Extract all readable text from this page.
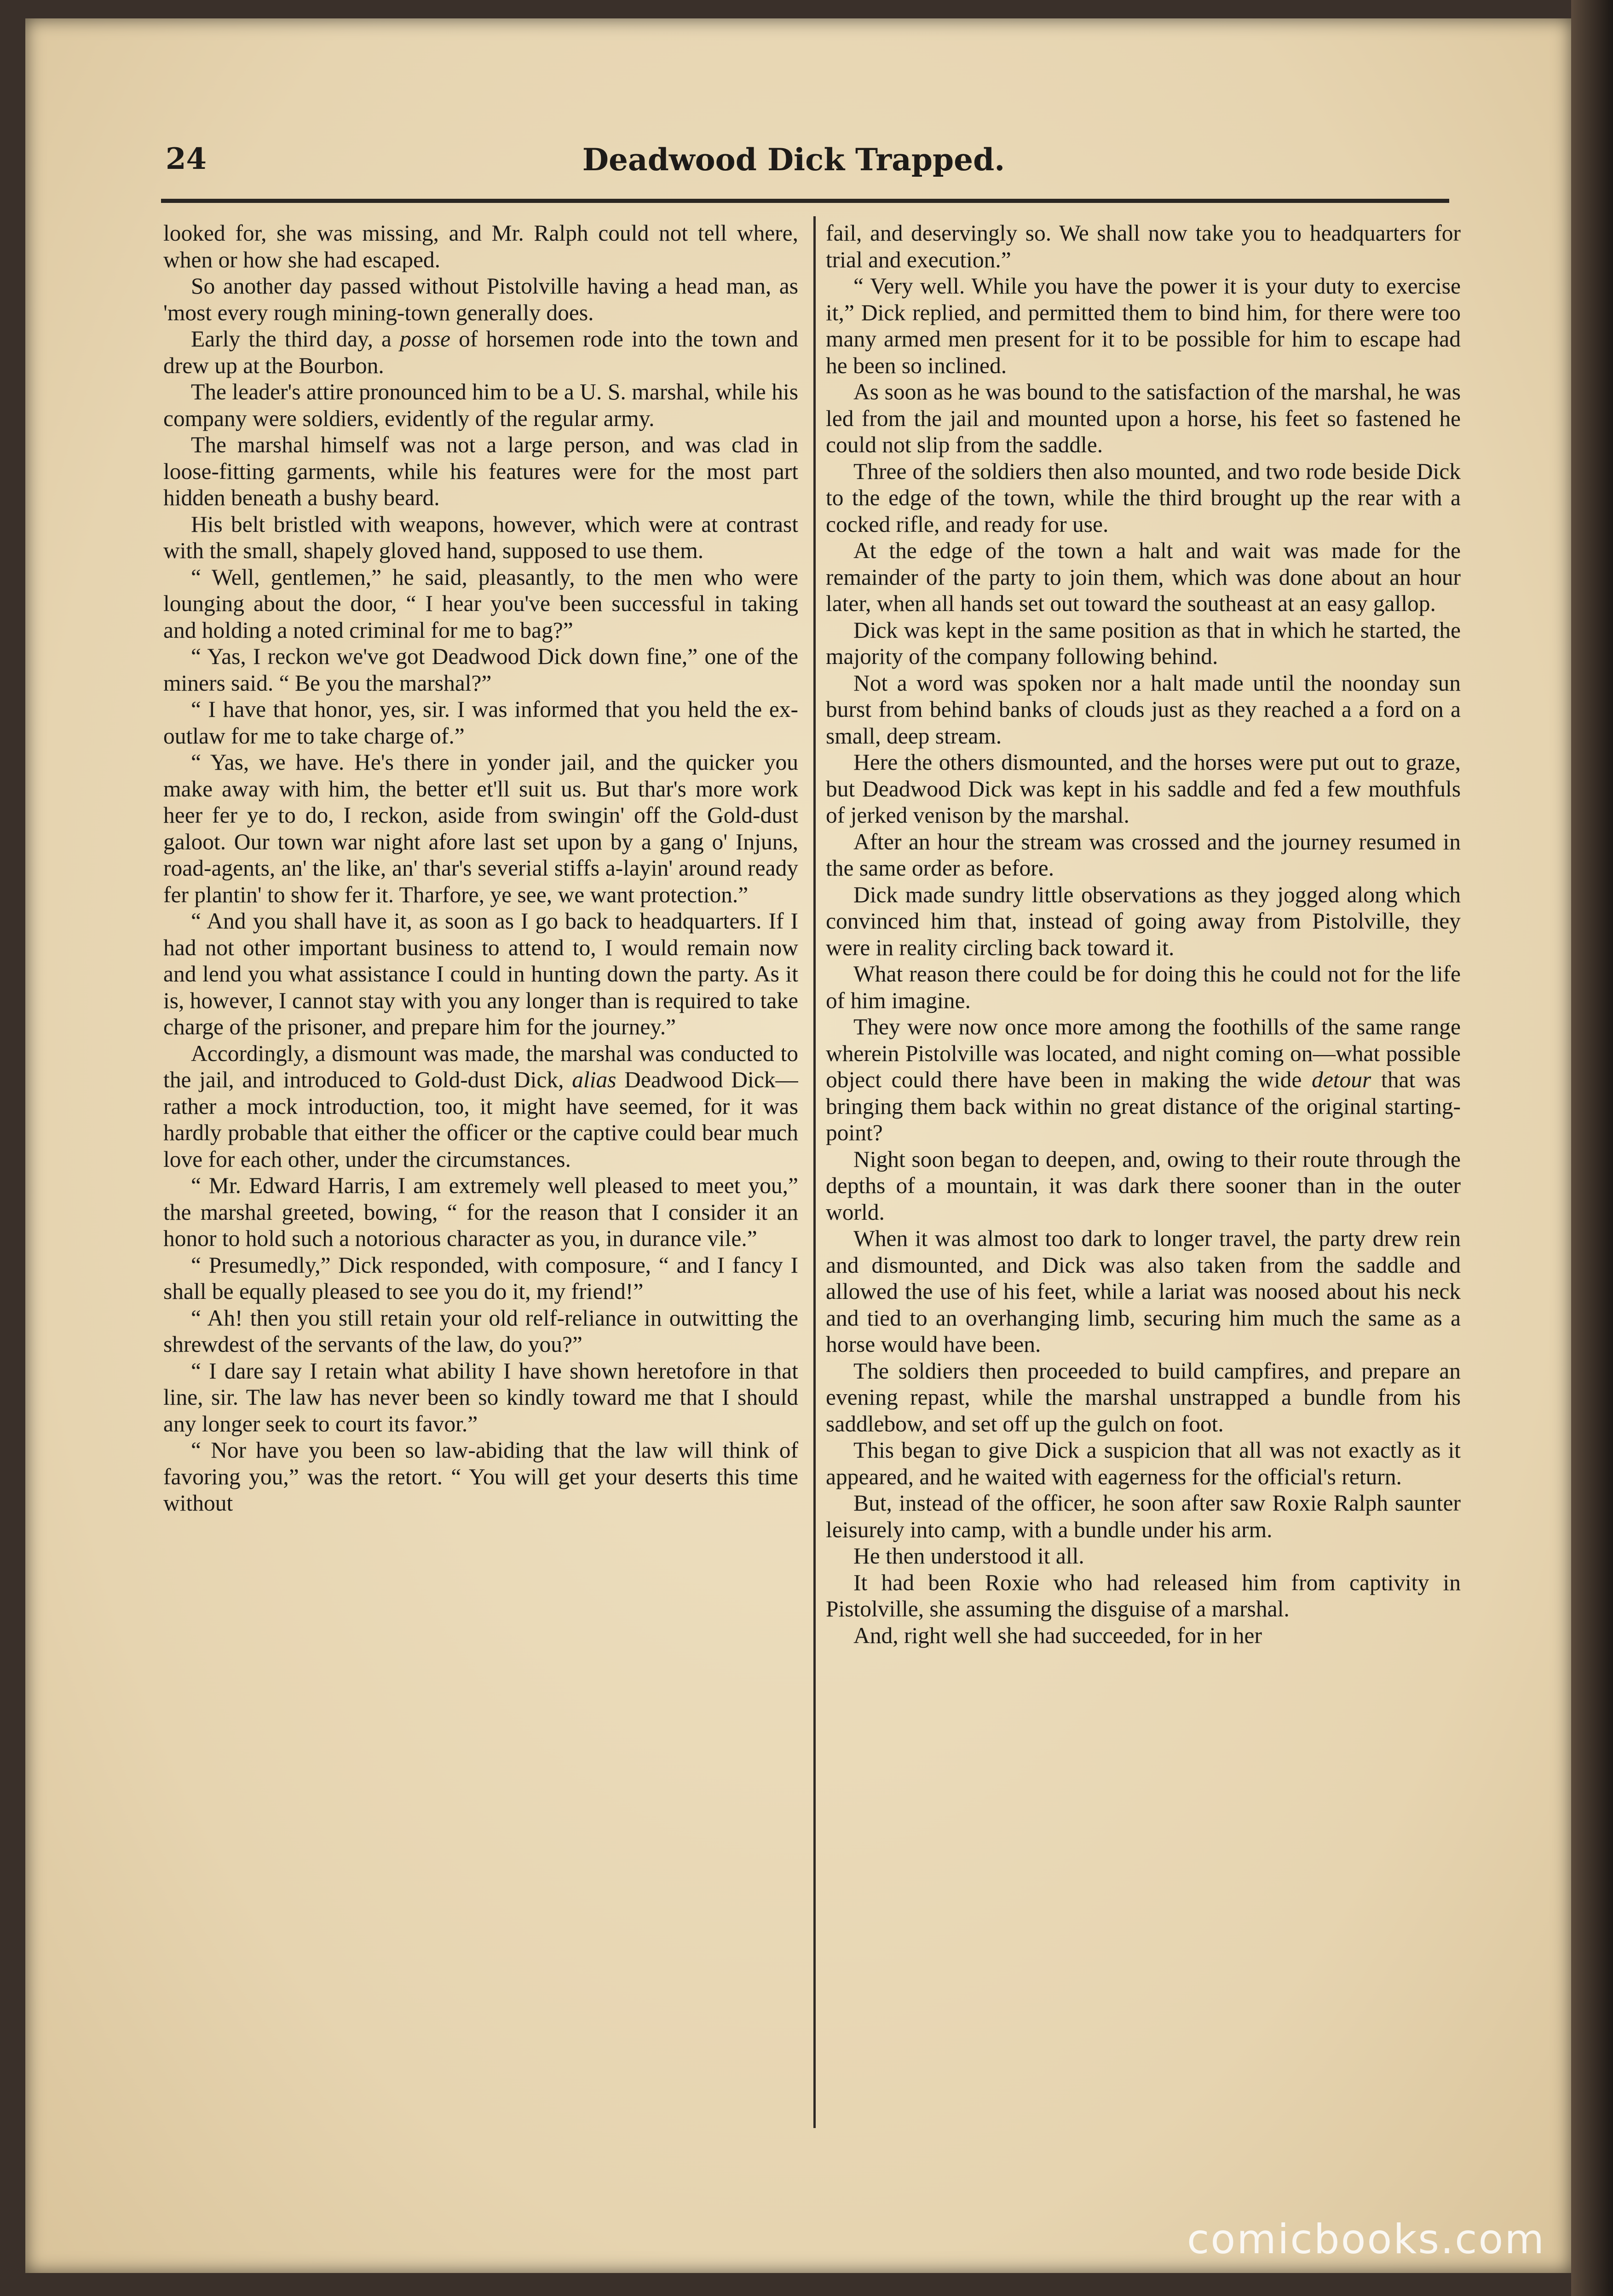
24	Deadwood Dick Trapped.

looked for, she was missing, and Mr. Ralph could not tell where, when or how she had escaped.

So another day passed without Pistolville having a head man, as 'most every rough mining-town generally does.

Early the third day, a posse of horsemen rode into the town and drew up at the Bourbon.

The leader's attire pronounced him to be a U. S. marshal, while his company were soldiers, evidently of the regular army.

The marshal himself was not a large person, and was clad in loose-fitting garments, while his features were for the most part hidden beneath a bushy beard.

His belt bristled with weapons, however, which were at contrast with the small, shapely gloved hand, supposed to use them.

“ Well, gentlemen,” he said, pleasantly, to the men who were lounging about the door, “ I hear you've been successful in taking and holding a noted criminal for me to bag?”

“ Yas, I reckon we've got Deadwood Dick down fine,” one of the miners said. “ Be you the marshal?”

“ I have that honor, yes, sir. I was informed that you held the ex-outlaw for me to take charge of.”

“ Yas, we have. He's there in yonder jail, and the quicker you make away with him, the better et'll suit us. But thar's more work heer fer ye to do, I reckon, aside from swingin' off the Gold-dust galoot. Our town war night afore last set upon by a gang o' Injuns, road-agents, an' the like, an' thar's severial stiffs a-layin' around ready fer plantin' to show fer it. Tharfore, ye see, we want protection.”

“ And you shall have it, as soon as I go back to headquarters. If I had not other important business to attend to, I would remain now and lend you what assistance I could in hunting down the party. As it is, however, I cannot stay with you any longer than is required to take charge of the prisoner, and prepare him for the journey.”

Accordingly, a dismount was made, the marshal was conducted to the jail, and introduced to Gold-dust Dick, alias Deadwood Dick—rather a mock introduction, too, it might have seemed, for it was hardly probable that either the officer or the captive could bear much love for each other, under the circumstances.

“ Mr. Edward Harris, I am extremely well pleased to meet you,” the marshal greeted, bowing, “ for the reason that I consider it an honor to hold such a notorious character as you, in durance vile.”

“ Presumedly,” Dick responded, with composure, “ and I fancy I shall be equally pleased to see you do it, my friend!”

“ Ah! then you still retain your old relf-reliance in outwitting the shrewdest of the servants of the law, do you?”

“ I dare say I retain what ability I have shown heretofore in that line, sir. The law has never been so kindly toward me that I should any longer seek to court its favor.”

“ Nor have you been so law-abiding that the law will think of favoring you,” was the retort. “ You will get your deserts this time without

fail, and deservingly so. We shall now take you to headquarters for trial and execution.”

“ Very well. While you have the power it is your duty to exercise it,” Dick replied, and permitted them to bind him, for there were too many armed men present for it to be possible for him to escape had he been so inclined.

As soon as he was bound to the satisfaction of the marshal, he was led from the jail and mounted upon a horse, his feet so fastened he could not slip from the saddle.

Three of the soldiers then also mounted, and two rode beside Dick to the edge of the town, while the third brought up the rear with a cocked rifle, and ready for use.

At the edge of the town a halt and wait was made for the remainder of the party to join them, which was done about an hour later, when all hands set out toward the southeast at an easy gallop.

Dick was kept in the same position as that in which he started, the majority of the company following behind.

Not a word was spoken nor a halt made until the noonday sun burst from behind banks of clouds just as they reached a a ford on a small, deep stream.

Here the others dismounted, and the horses were put out to graze, but Deadwood Dick was kept in his saddle and fed a few mouthfuls of jerked venison by the marshal.

After an hour the stream was crossed and the journey resumed in the same order as before.

Dick made sundry little observations as they jogged along which convinced him that, instead of going away from Pistolville, they were in reality circling back toward it.

What reason there could be for doing this he could not for the life of him imagine.

They were now once more among the foothills of the same range wherein Pistolville was located, and night coming on—what possible object could there have been in making the wide detour that was bringing them back within no great distance of the original starting-point?

Night soon began to deepen, and, owing to their route through the depths of a mountain, it was dark there sooner than in the outer world.

When it was almost too dark to longer travel, the party drew rein and dismounted, and Dick was also taken from the saddle and allowed the use of his feet, while a lariat was noosed about his neck and tied to an overhanging limb, securing him much the same as a horse would have been.

The soldiers then proceeded to build campfires, and prepare an evening repast, while the marshal unstrapped a bundle from his saddlebow, and set off up the gulch on foot.

This began to give Dick a suspicion that all was not exactly as it appeared, and he waited with eagerness for the official's return.

But, instead of the officer, he soon after saw Roxie Ralph saunter leisurely into camp, with a bundle under his arm.

He then understood it all.

It had been Roxie who had released him from captivity in Pistolville, she assuming the disguise of a marshal.

And, right well she had succeeded, for in her

comicbooks.com
